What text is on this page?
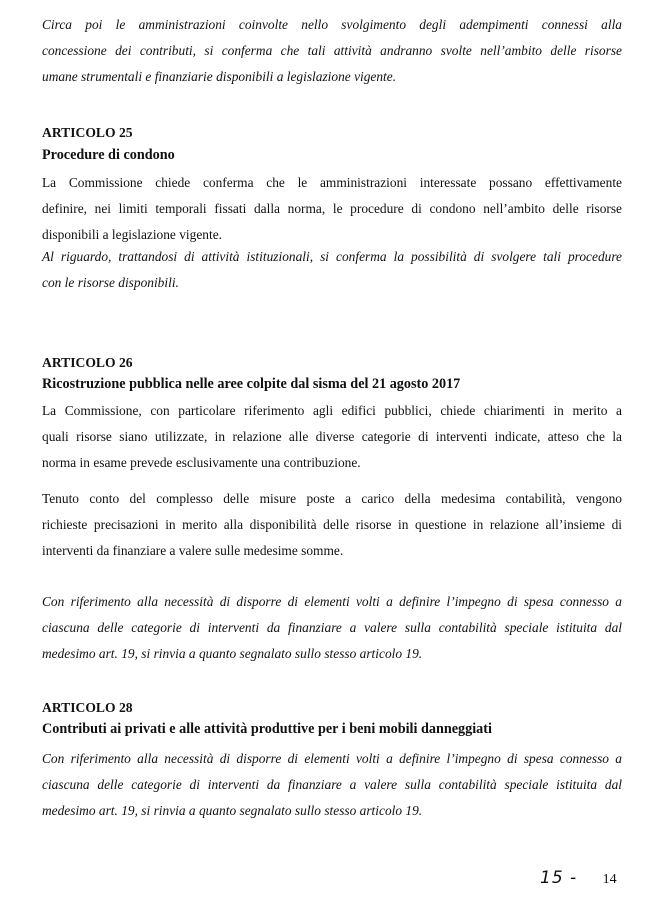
Circa poi le amministrazioni coinvolte nello svolgimento degli adempimenti connessi alla
concessione dei contributi, si conferma che tali attività andranno svolte nell’ambito delle risorse
umane strumentali e finanziarie disponibili a legislazione vigente.
ARTICOLO 25
Procedure di condono
La Commissione chiede conferma che le amministrazioni interessate possano effettivamente
definire, nei limiti temporali fissati dalla norma, le procedure di condono nell’ambito delle risorse
disponibili a legislazione vigente.
Al riguardo, trattandosi di attività istituzionali, si conferma la possibilità di svolgere tali procedure
con le risorse disponibili.
ARTICOLO 26
Ricostruzione pubblica nelle aree colpite dal sisma del 21 agosto 2017
La Commissione, con particolare riferimento agli edifici pubblici, chiede chiarimenti in merito a
quali risorse siano utilizzate, in relazione alle diverse categorie di interventi indicate, atteso che la
norma in esame prevede esclusivamente una contribuzione.
Tenuto conto del complesso delle misure poste a carico della medesima contabilità, vengono
richieste precisazioni in merito alla disponibilità delle risorse in questione in relazione all’insieme di
interventi da finanziare a valere sulle medesime somme.
Con riferimento alla necessità di disporre di elementi volti a definire l’impegno di spesa connesso a
ciascuna delle categorie di interventi da finanziare a valere sulla contabilità speciale istituita dal
medesimo art. 19, si rinvia a quanto segnalato sullo stesso articolo 19.
ARTICOLO 28
Contributi ai privati e alle attività produttive per i beni mobili danneggiati
Con riferimento alla necessità di disporre di elementi volti a definire l’impegno di spesa connesso a
ciascuna delle categorie di interventi da finanziare a valere sulla contabilità speciale istituita dal
medesimo art. 19, si rinvia a quanto segnalato sullo stesso articolo 19.
15 - 14
